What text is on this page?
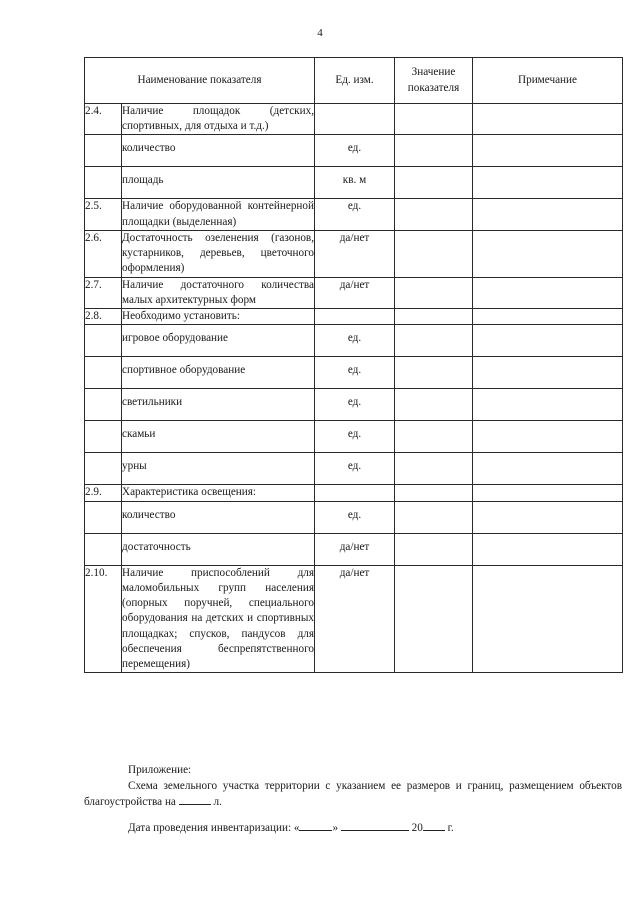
4
Наименование показателя		Ед. изм.	Значение показателя	Примечание
2.4.	Наличие площадок (детских, спортивных, для отдыха и т.д.)			
	количество	ед.		
	площадь	кв. м		
2.5.	Наличие оборудованной контейнерной площадки (выделенная)	ед.		
2.6.	Достаточность озеленения (газонов, кустарников, деревьев, цветочного оформления)	да/нет		
2.7.	Наличие достаточного количества малых архитектурных форм	да/нет		
2.8.	Необходимо установить:			
	игровое оборудование	ед.		
	спортивное оборудование	ед.		
	светильники	ед.		
	скамьи	ед.		
	урны	ед.		
2.9.	Характеристика освещения:			
	количество	ед.		
	достаточность	да/нет		
2.10.	Наличие приспособлений для маломобильных групп населения (опорных поручней, специального оборудования на детских и спортивных площадках; спусков, пандусов для обеспечения беспрепятственного перемещения)	да/нет		
Приложение:
Схема земельного участка территории с указанием ее размеров и границ, размещением объектов благоустройства на	л.
Дата проведения инвентаризации: «	»	20 г.
